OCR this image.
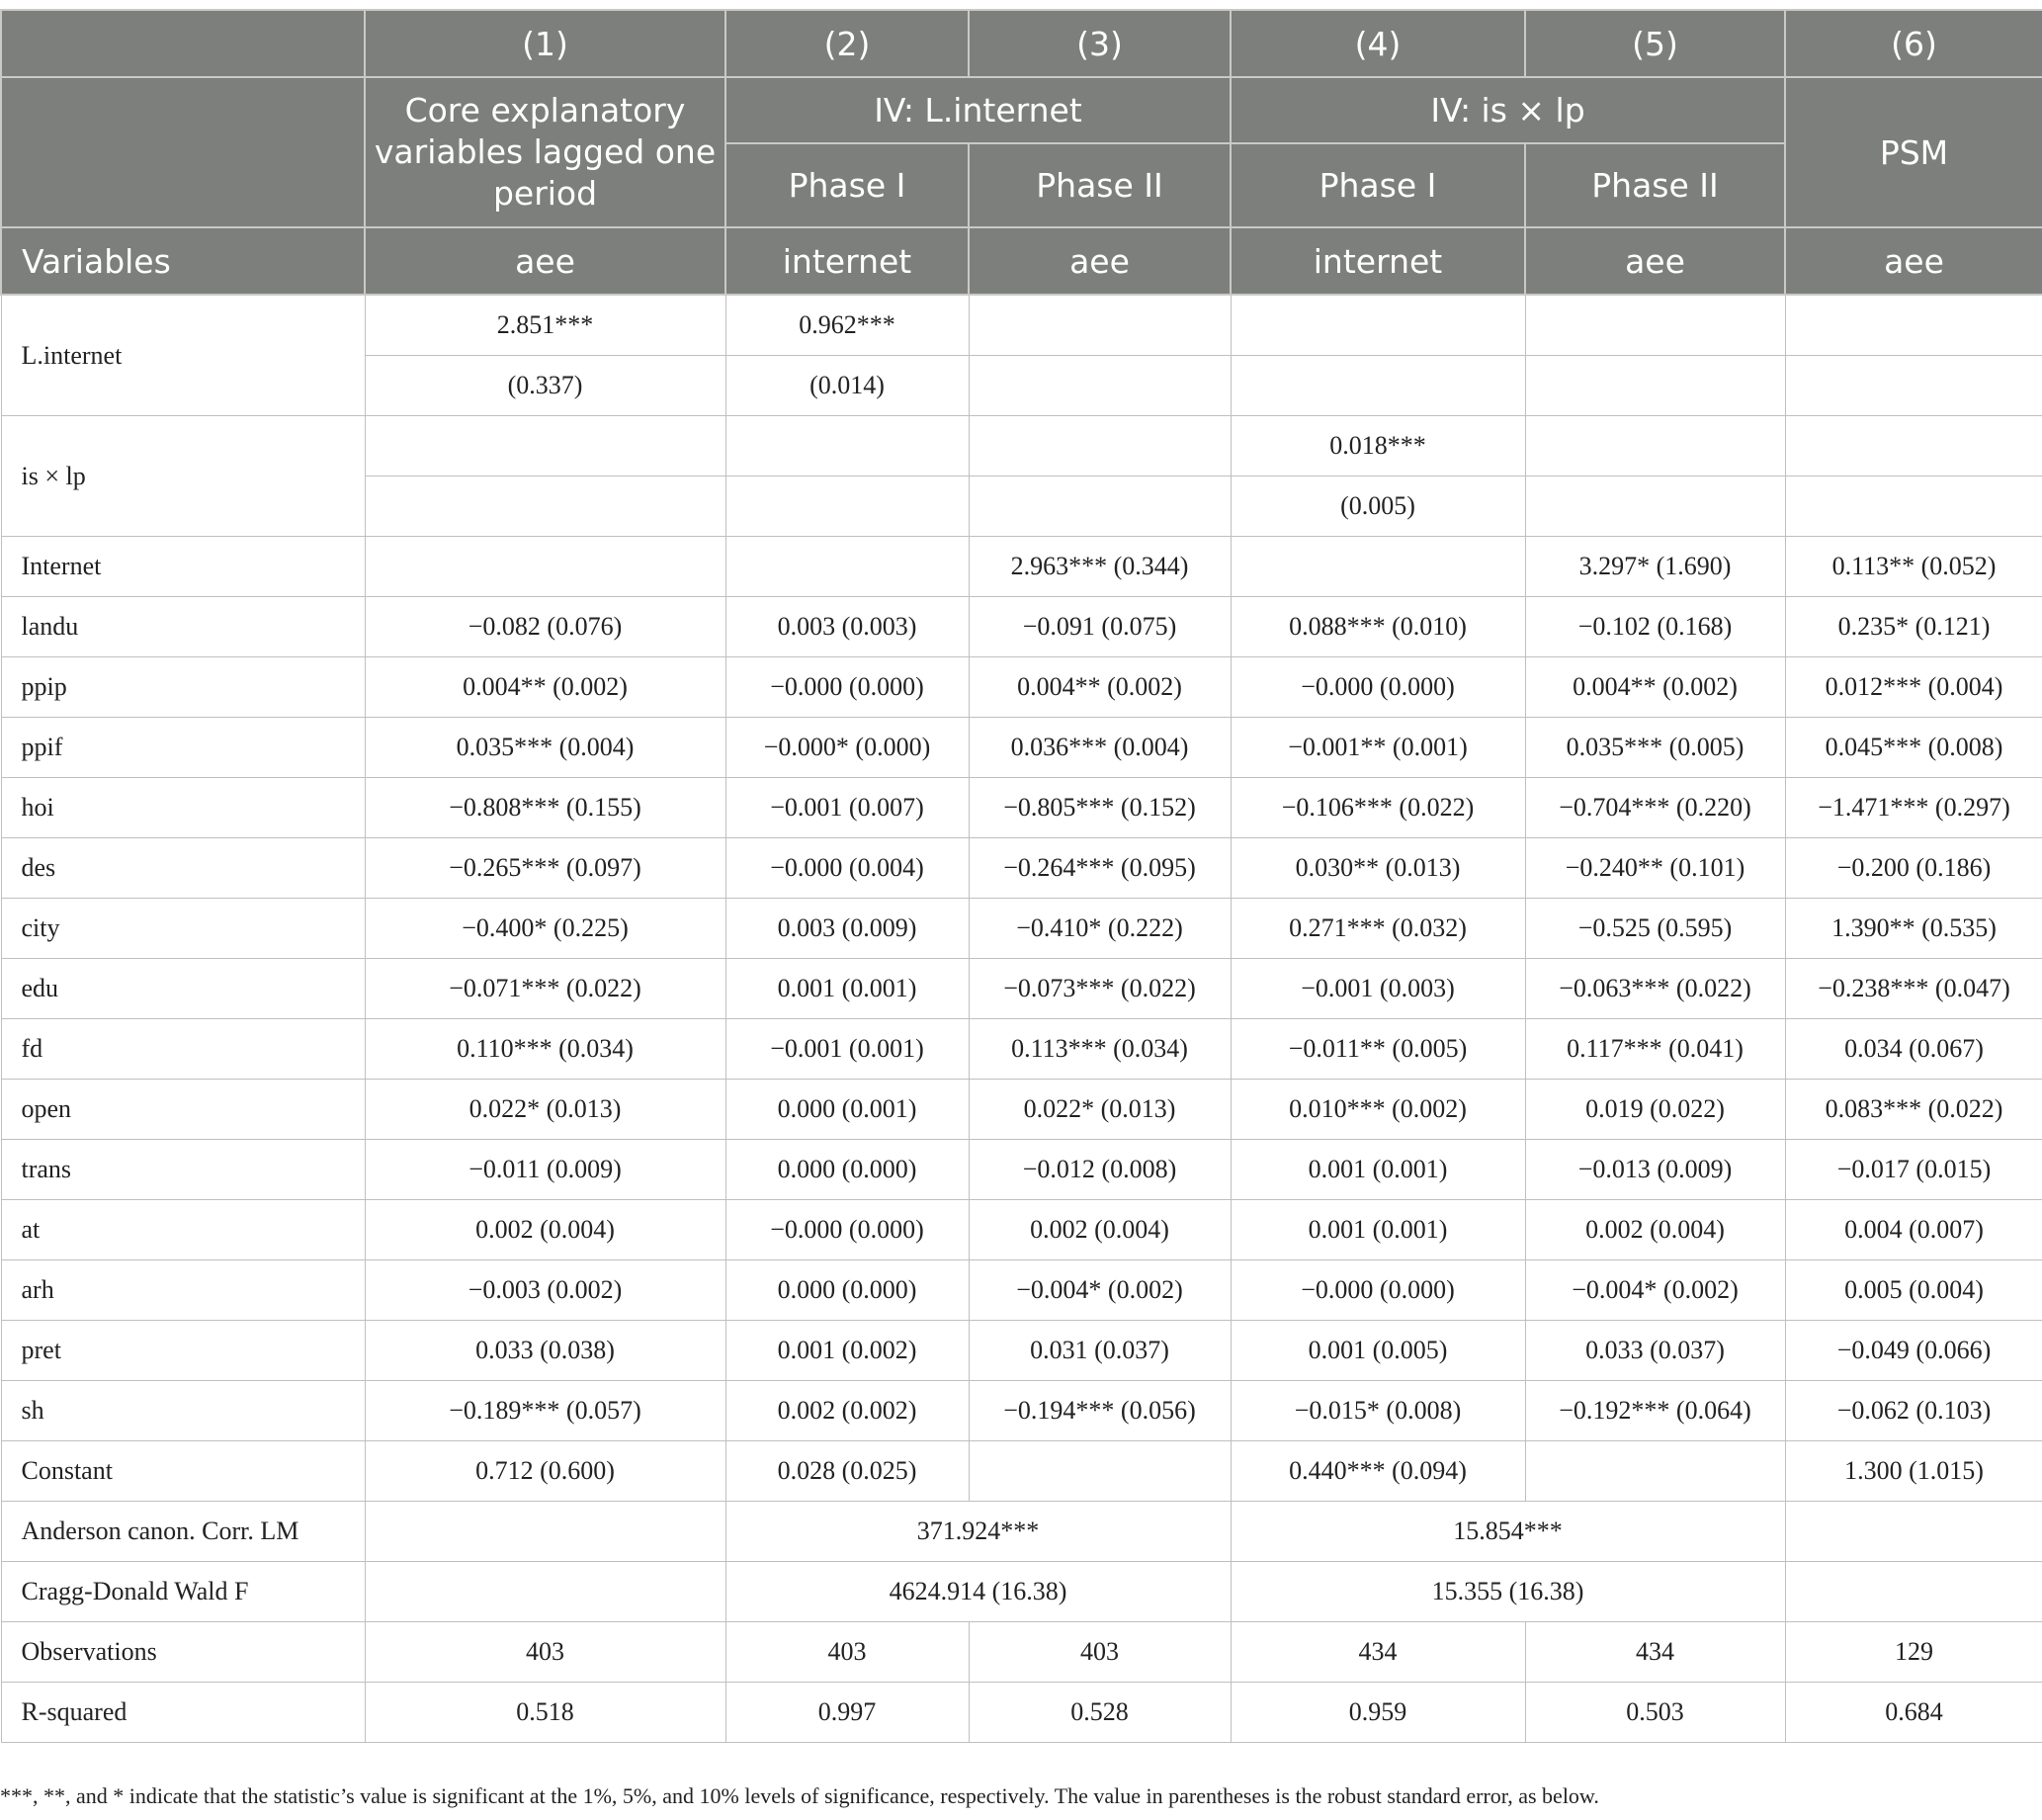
	(1)	(2)	(3)	(4)	(5)	(6)
	Core explanatory variables lagged one period	IV: L.internet		IV: is × lp		PSM
		Phase I	Phase II	Phase I	Phase II	
Variables	aee	internet	aee	internet	aee	aee
L.internet	2.851***	0.962***				
	(0.337)	(0.014)				
is × lp				0.018***		
				(0.005)		
Internet			2.963*** (0.344)		3.297* (1.690)	0.113** (0.052)
landu	−0.082 (0.076)	0.003 (0.003)	−0.091 (0.075)	0.088*** (0.010)	−0.102 (0.168)	0.235* (0.121)
ppip	0.004** (0.002)	−0.000 (0.000)	0.004** (0.002)	−0.000 (0.000)	0.004** (0.002)	0.012*** (0.004)
ppif	0.035*** (0.004)	−0.000* (0.000)	0.036*** (0.004)	−0.001** (0.001)	0.035*** (0.005)	0.045*** (0.008)
hoi	−0.808*** (0.155)	−0.001 (0.007)	−0.805*** (0.152)	−0.106*** (0.022)	−0.704*** (0.220)	−1.471*** (0.297)
des	−0.265*** (0.097)	−0.000 (0.004)	−0.264*** (0.095)	0.030** (0.013)	−0.240** (0.101)	−0.200 (0.186)
city	−0.400* (0.225)	0.003 (0.009)	−0.410* (0.222)	0.271*** (0.032)	−0.525 (0.595)	1.390** (0.535)
edu	−0.071*** (0.022)	0.001 (0.001)	−0.073*** (0.022)	−0.001 (0.003)	−0.063*** (0.022)	−0.238*** (0.047)
fd	0.110*** (0.034)	−0.001 (0.001)	0.113*** (0.034)	−0.011** (0.005)	0.117*** (0.041)	0.034 (0.067)
open	0.022* (0.013)	0.000 (0.001)	0.022* (0.013)	0.010*** (0.002)	0.019 (0.022)	0.083*** (0.022)
trans	−0.011 (0.009)	0.000 (0.000)	−0.012 (0.008)	0.001 (0.001)	−0.013 (0.009)	−0.017 (0.015)
at	0.002 (0.004)	−0.000 (0.000)	0.002 (0.004)	0.001 (0.001)	0.002 (0.004)	0.004 (0.007)
arh	−0.003 (0.002)	0.000 (0.000)	−0.004* (0.002)	−0.000 (0.000)	−0.004* (0.002)	0.005 (0.004)
pret	0.033 (0.038)	0.001 (0.002)	0.031 (0.037)	0.001 (0.005)	0.033 (0.037)	−0.049 (0.066)
sh	−0.189*** (0.057)	0.002 (0.002)	−0.194*** (0.056)	−0.015* (0.008)	−0.192*** (0.064)	−0.062 (0.103)
Constant	0.712 (0.600)	0.028 (0.025)		0.440*** (0.094)		1.300 (1.015)
Anderson canon. Corr. LM		371.924***		15.854***		
Cragg-Donald Wald F		4624.914 (16.38)		15.355 (16.38)		
Observations	403	403	403	434	434	129
R-squared	0.518	0.997	0.528	0.959	0.503	0.684
***, **, and * indicate that the statistic’s value is significant at the 1%, 5%, and 10% levels of significance, respectively. The value in parentheses is the robust standard error, as below.
